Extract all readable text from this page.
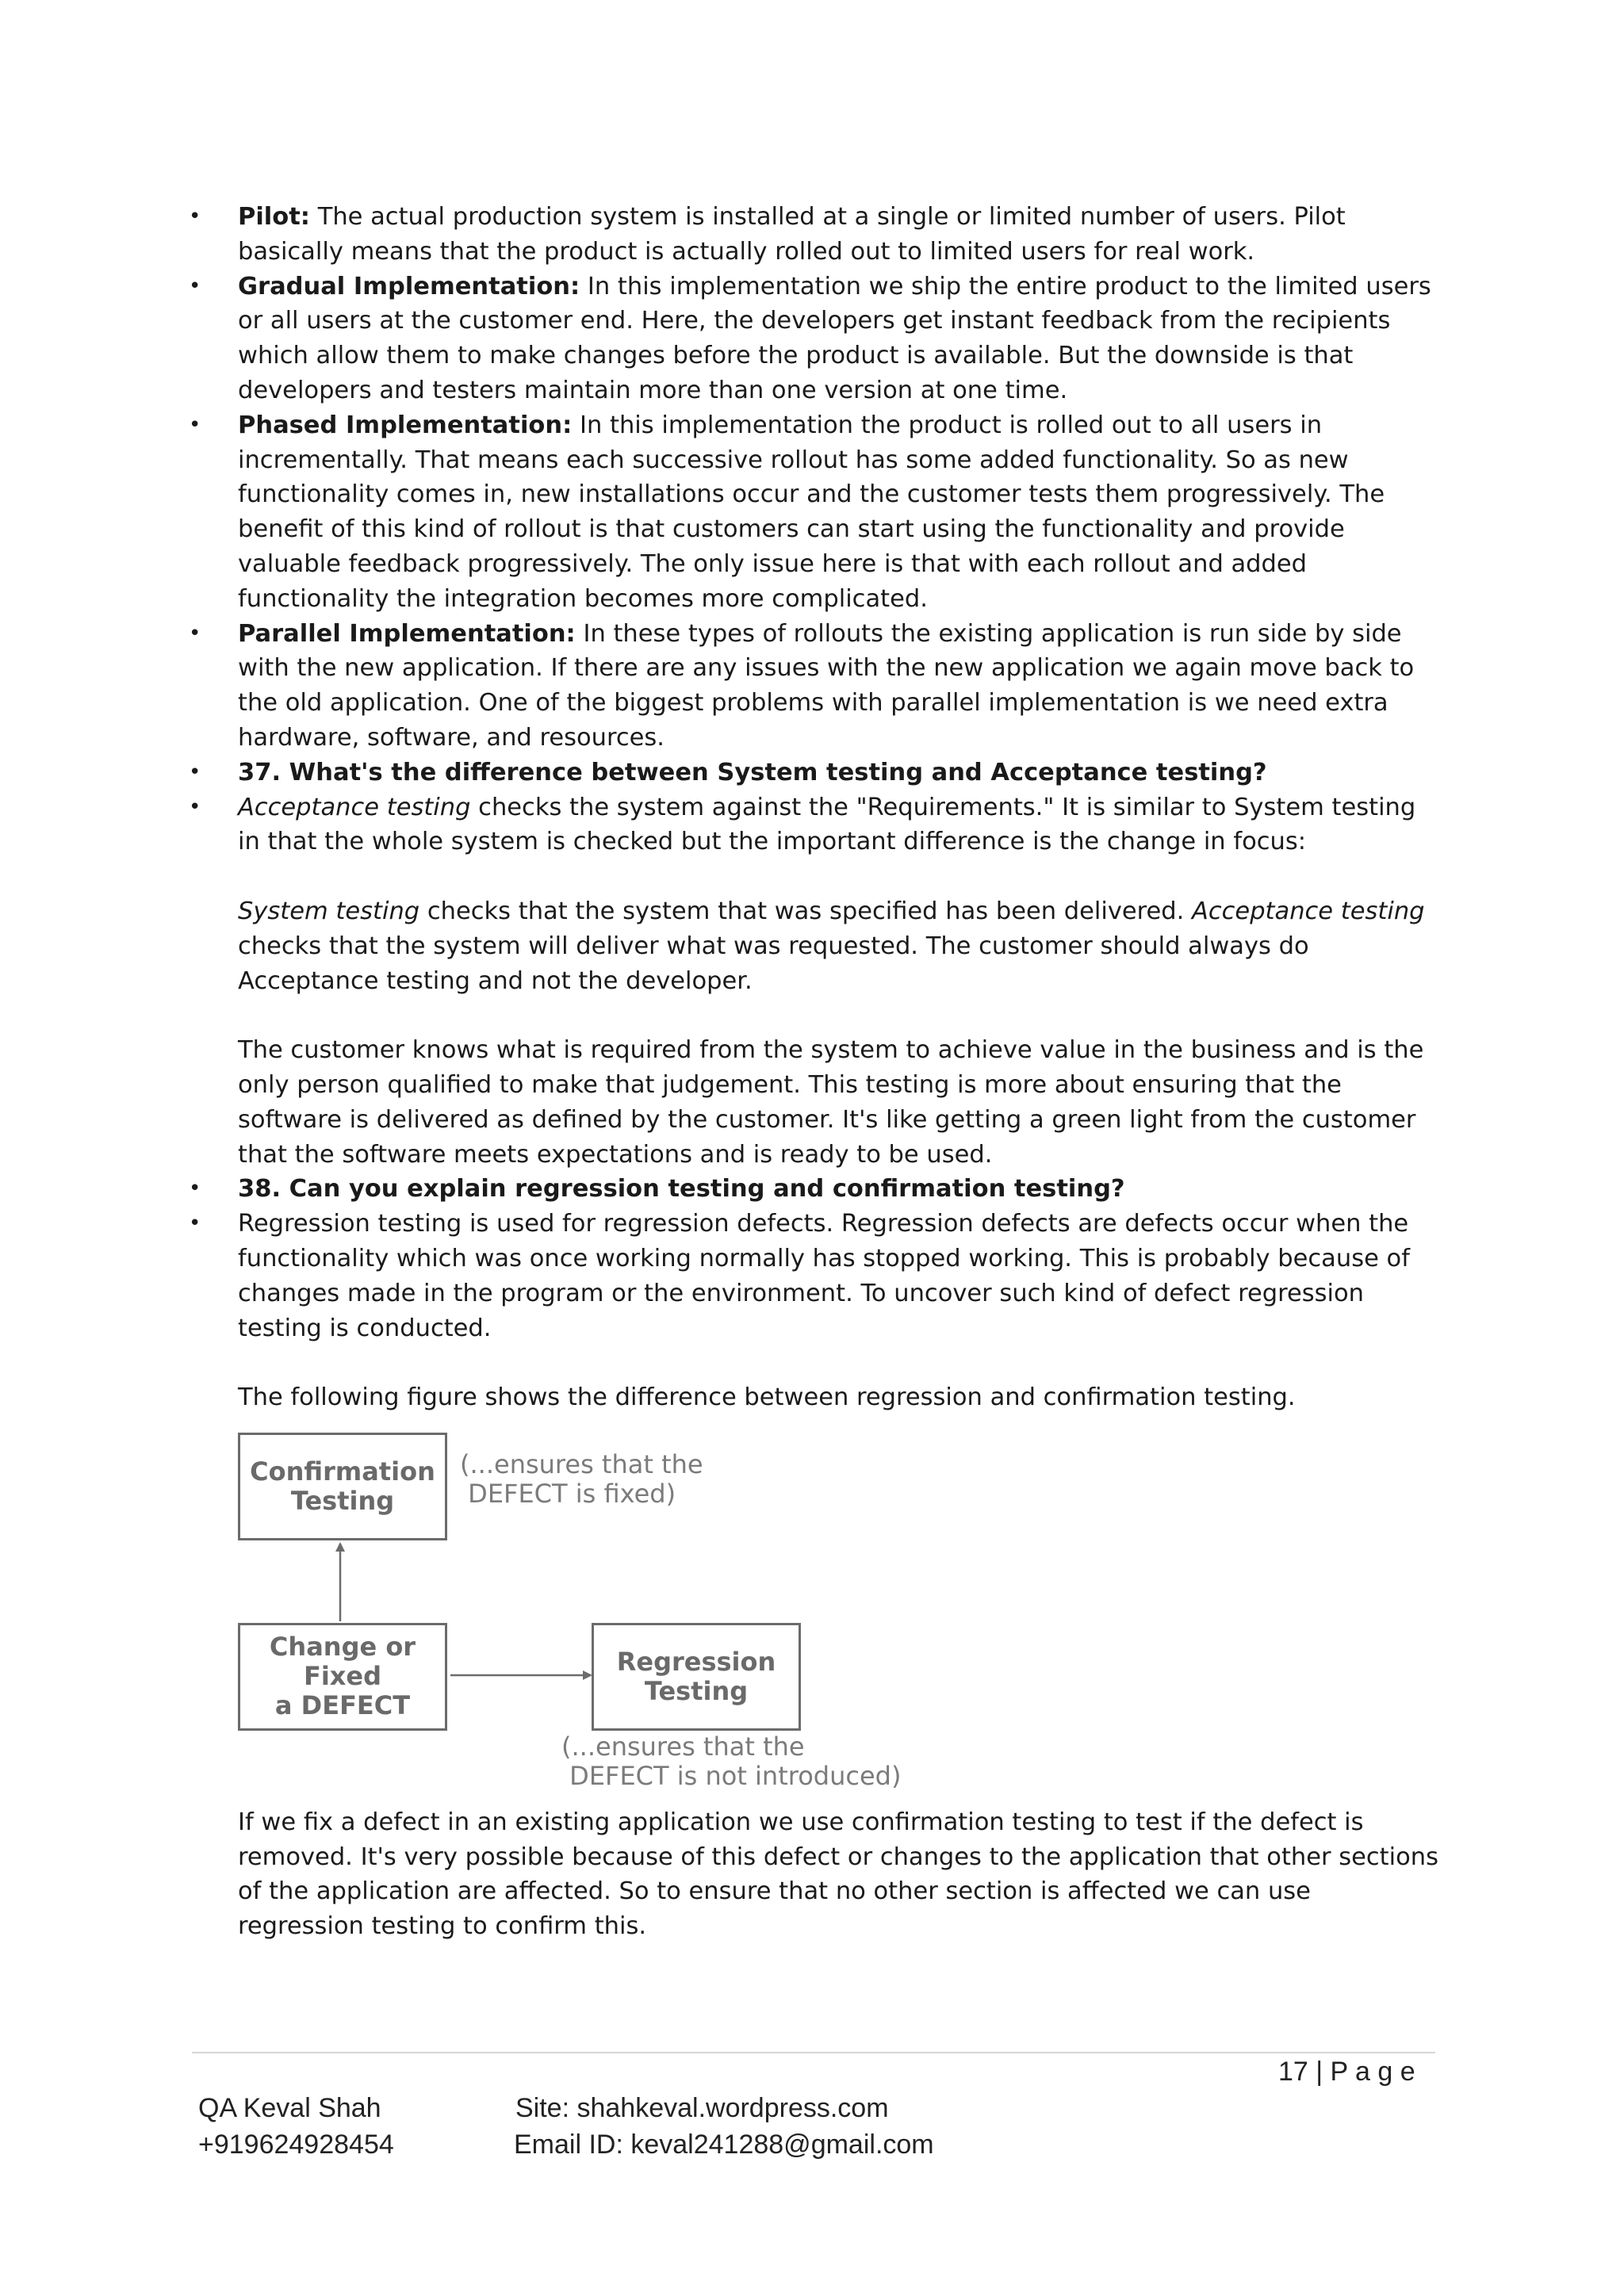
• Pilot: The actual production system is installed at a single or limited number of users. Pilot basically means that the product is actually rolled out to limited users for real work.

• Gradual Implementation: In this implementation we ship the entire product to the limited users or all users at the customer end. Here, the developers get instant feedback from the recipients which allow them to make changes before the product is available. But the downside is that developers and testers maintain more than one version at one time.

• Phased Implementation: In this implementation the product is rolled out to all users in incrementally. That means each successive rollout has some added functionality. So as new functionality comes in, new installations occur and the customer tests them progressively. The benefit of this kind of rollout is that customers can start using the functionality and provide valuable feedback progressively. The only issue here is that with each rollout and added functionality the integration becomes more complicated.

• Parallel Implementation: In these types of rollouts the existing application is run side by side with the new application. If there are any issues with the new application we again move back to the old application. One of the biggest problems with parallel implementation is we need extra hardware, software, and resources.

• 37. What's the difference between System testing and Acceptance testing?

• Acceptance testing checks the system against the "Requirements." It is similar to System testing in that the whole system is checked but the important difference is the change in focus:

System testing checks that the system that was specified has been delivered. Acceptance testing checks that the system will deliver what was requested. The customer should always do Acceptance testing and not the developer.

The customer knows what is required from the system to achieve value in the business and is the only person qualified to make that judgement. This testing is more about ensuring that the software is delivered as defined by the customer. It's like getting a green light from the customer that the software meets expectations and is ready to be used.

• 38. Can you explain regression testing and confirmation testing?

• Regression testing is used for regression defects. Regression defects are defects occur when the functionality which was once working normally has stopped working. This is probably because of changes made in the program or the environment. To uncover such kind of defect regression testing is conducted.

The following figure shows the difference between regression and confirmation testing.

Confirmation
Testing
(...ensures that the
DEFECT is fixed)
Change or
Fixed
a DEFECT
Regression
Testing
(...ensures that the
DEFECT is not introduced)

If we fix a defect in an existing application we use confirmation testing to test if the defect is removed. It's very possible because of this defect or changes to the application that other sections of the application are affected. So to ensure that no other section is affected we can use regression testing to confirm this.

17 | P a g e
QA Keval Shah
+919624928454
Site: shahkeval.wordpress.com
Email ID: keval241288@gmail.com
